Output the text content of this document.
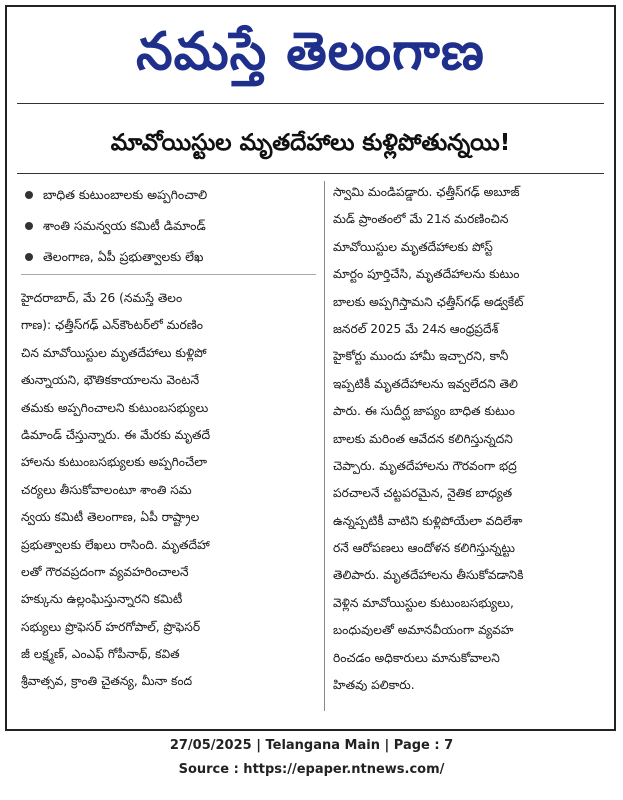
నమస్తే తెలంగాణ
మావోయిస్టుల మృతదేహాలు కుళ్లిపోతున్నయి!
బాధిత కుటుంబాలకు అప్పగించాలి
శాంతి సమన్వయ కమిటీ డిమాండ్
తెలంగాణ, ఏపీ ప్రభుత్వాలకు లేఖ
హైదరాబాద్, మే 26 (నమస్తే తెలం
గాణ): ఛత్తీస్‌గఢ్ ఎన్‌కౌంటర్‌లో మరణిం
చిన మావోయిస్టుల మృతదేహాలు కుళ్లిపో
తున్నాయని, భౌతికకాయాలను వెంటనే
తమకు అప్పగించాలని కుటుంబసభ్యులు
డిమాండ్ చేస్తున్నారు. ఈ మేరకు మృతదే
హాలను కుటుంబసభ్యులకు అప్పగించేలా
చర్యలు తీసుకోవాలంటూ శాంతి సమ
న్వయ కమిటీ తెలంగాణ, ఏపీ రాష్ట్రాల
ప్రభుత్వాలకు లేఖలు రాసింది. మృతదేహా
లతో గౌరవప్రదంగా వ్యవహరించాలనే
హక్కును ఉల్లంఘిస్తున్నారని కమిటీ
సభ్యులు ప్రొఫెసర్ హరగోపాల్, ప్రొఫెసర్
జీ లక్ష్మణ్, ఎంఎఫ్ గోపీనాథ్, కవిత
శ్రీవాత్సవ, క్రాంతి చైతన్య, మీనా కంద
స్వామి మండిపడ్డారు. ఛత్తీస్‌గఢ్ అబూజ్
మడ్ ప్రాంతంలో మే 21న మరణించిన
మావోయిస్టుల మృతదేహాలకు పోస్ట్
మార్టం పూర్తిచేసి, మృతదేహాలను కుటుం
బాలకు అప్పగిస్తామని ఛత్తీస్‌గఢ్ అడ్వకేట్
జనరల్ 2025 మే 24న ఆంధ్రప్రదేశ్
హైకోర్టు ముందు హామీ ఇచ్చారని, కానీ
ఇప్పటికీ మృతదేహాలను ఇవ్వలేదని తెలి
పారు. ఈ సుదీర్ఘ జాప్యం బాధిత కుటుం
బాలకు మరింత ఆవేదన కలిగిస్తున్నదని
చెప్పారు. మృతదేహాలను గౌరవంగా భద్ర
పరచాలనే చట్టపరమైన, నైతిక బాధ్యత
ఉన్నప్పటికీ వాటిని కుళ్లిపోయేలా వదిలేశా
రనే ఆరోపణలు ఆందోళన కలిగిస్తున్నట్టు
తెలిపారు. మృతదేహాలను తీసుకోవడానికి
వెళ్లిన మావోయిస్టుల కుటుంబసభ్యులు,
బంధువులతో అమానవీయంగా వ్యవహ
రించడం అధికారులు మానుకోవాలని
హితవు పలికారు.
27/05/2025 | Telangana Main | Page : 7
Source : https://epaper.ntnews.com/
